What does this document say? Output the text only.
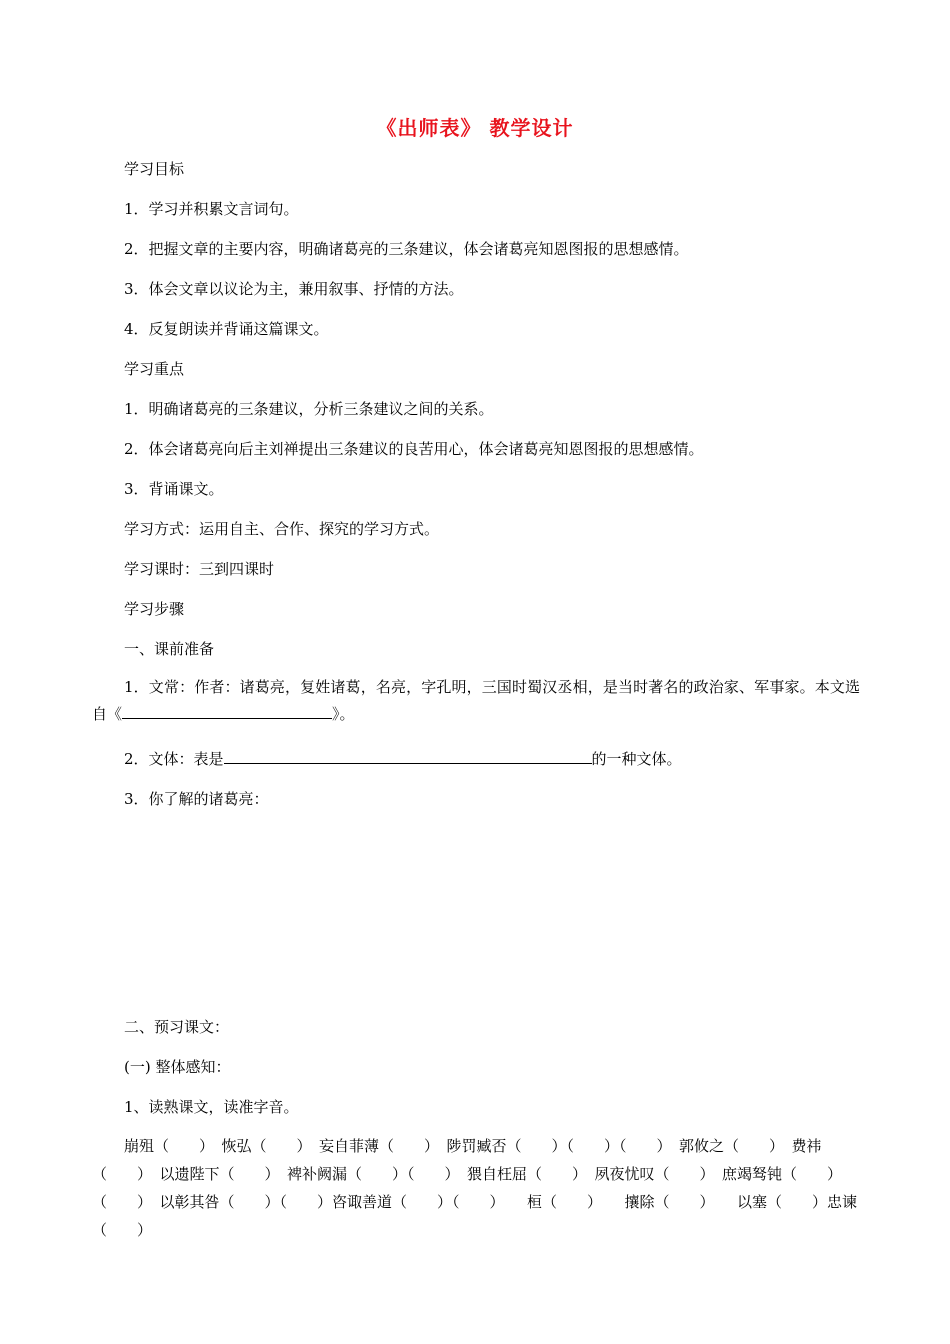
《出师表》 教学设计
学习目标
1．学习并积累文言词句。
2．把握文章的主要内容，明确诸葛亮的三条建议，体会诸葛亮知恩图报的思想感情。
3．体会文章以议论为主，兼用叙事、抒情的方法。
4．反复朗读并背诵这篇课文。
学习重点
1．明确诸葛亮的三条建议，分析三条建议之间的关系。
2．体会诸葛亮向后主刘禅提出三条建议的良苦用心，体会诸葛亮知恩图报的思想感情。
3．背诵课文。
学习方式：运用自主、合作、探究的学习方式。
学习课时：三到四课时
学习步骤
一、课前准备
1．文常：作者：诸葛亮，复姓诸葛，名亮，字孔明，三国时蜀汉丞相，是当时著名的政治家、军事家。本文选自《	》。
2．文体：表是	的一种文体。
3．你了解的诸葛亮：
二、预习课文：
(一) 整体感知：
1、读熟课文，读准字音。
崩殂（　　）　恢弘（　　）　妄自菲薄（　　）　陟罚臧否（　　）（　　）（　　）　郭攸之（　　）　费祎（　　）　以遗陛下（　　）　裨补阙漏（　　）（　　）　猥自枉屈（　　）　夙夜忧叹（　　）　庶竭驽钝（　　）（　　）　以彰其咎（　　）（　　）咨诹善道（　　）（　　）　　桓（　　）　　攘除（　　）　　以塞（　　）忠谏（　　）
